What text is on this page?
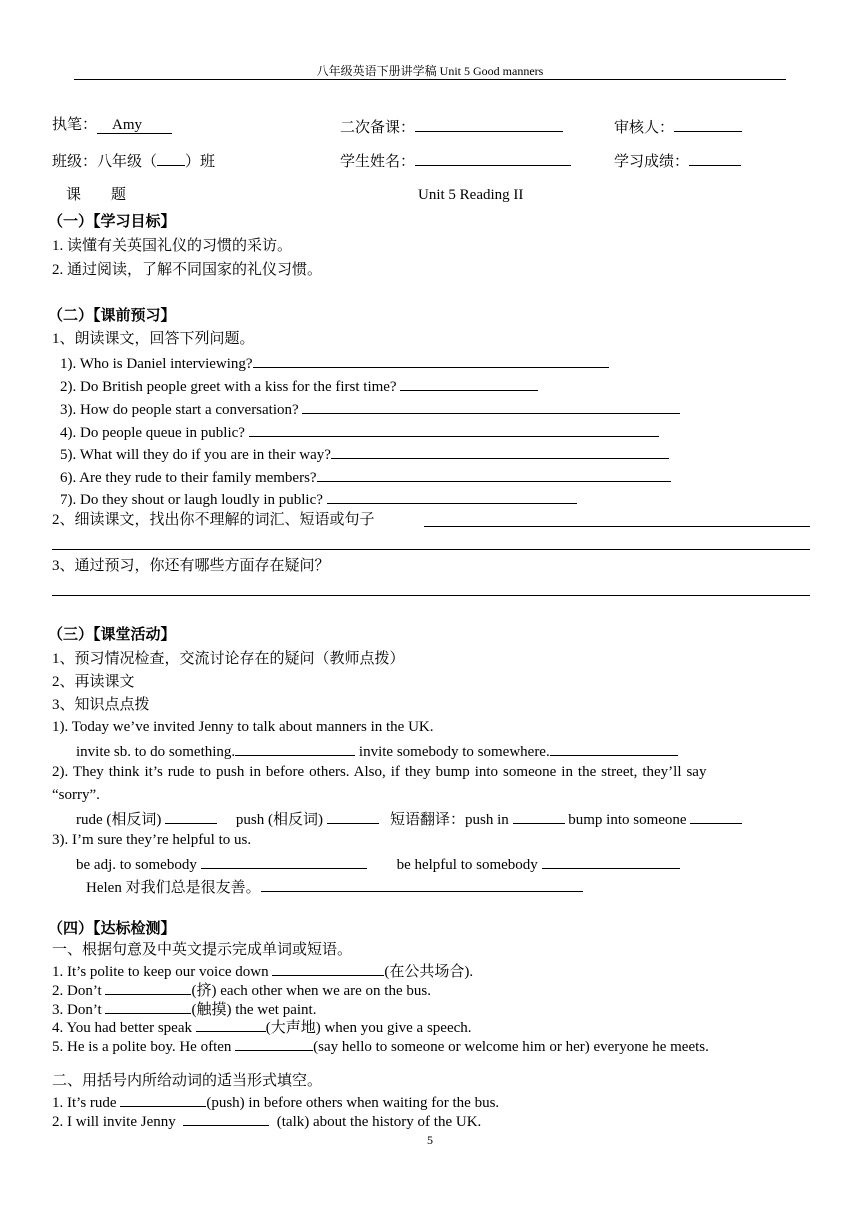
八年级英语下册讲学稿 Unit 5 Good manners
执笔： Amy	二次备课：	审核人：
班级：八年级（ ）班	学生姓名：	学习成绩：
课　　题	Unit 5 Reading II
（一）【学习目标】
1. 读懂有关英国礼仪的习惯的采访。
2. 通过阅读，了解不同国家的礼仪习惯。
（二）【课前预习】
1、朗读课文，回答下列问题。
1). Who is Daniel interviewing?
2). Do British people greet with a kiss for the first time?
3). How do people start a conversation?
4). Do people queue in public?
5). What will they do if you are in their way?
6). Are they rude to their family members?
7). Do they shout or laugh loudly in public?
2、细读课文，找出你不理解的词汇、短语或句子
3、通过预习，你还有哪些方面存在疑问？
（三）【课堂活动】
1、预习情况检查，交流讨论存在的疑问（教师点拨）
2、再读课文
3、知识点点拨
1). Today we’ve invited Jenny to talk about manners in the UK.
invite sb. to do something.	invite somebody to somewhere.
2). They think it’s rude to push in before others. Also, if they bump into someone in the street, they’ll say
“sorry”.
rude (相反词)	push (相反词)	短语翻译：push in	bump into someone
3). I’m sure they’re helpful to us.
be adj. to somebody	be helpful to somebody
Helen 对我们总是很友善。
（四）【达标检测】
一、根据句意及中英文提示完成单词或短语。
1. It’s polite to keep our voice down	(在公共场合).
2. Don’t	(挤) each other when we are on the bus.
3. Don’t	(触摸) the wet paint.
4. You had better speak	(大声地) when you give a speech.
5. He is a polite boy. He often	(say hello to someone or welcome him or her) everyone he meets.
二、用括号内所给动词的适当形式填空。
1. It’s rude	(push) in before others when waiting for the bus.
2. I will invite Jenny	(talk) about the history of the UK.
5
